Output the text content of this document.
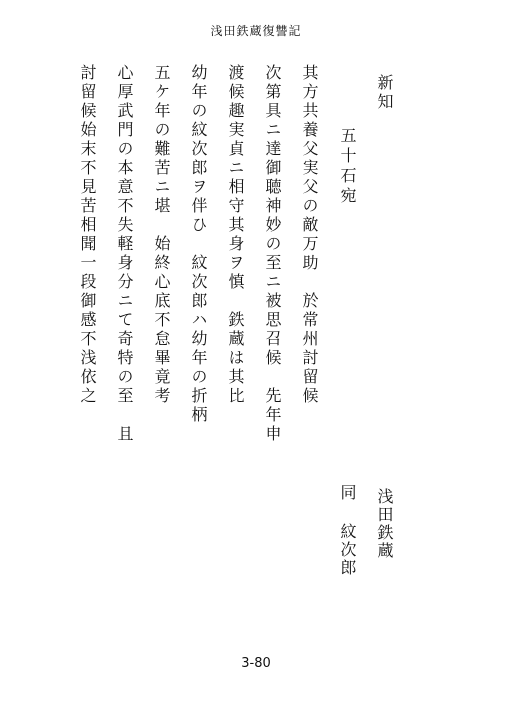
浅田鉄蔵復讐記
新知
五十石宛
浅田鉄蔵
同 紋次郎
其方共養父実父の敵万助　於常州討留候
次第具ニ達御聴神妙の至ニ被思召候　先年申
渡候趣実貞ニ相守其身ヲ慎　鉄蔵は其比
幼年の紋次郎ヲ伴ひ　紋次郎ハ幼年の折柄
五ケ年の難苦ニ堪　始終心底不怠畢竟考
心厚武門の本意不失軽身分ニて奇特の至　且
討留候始末不見苦相聞一段御感不浅依之
3-80
